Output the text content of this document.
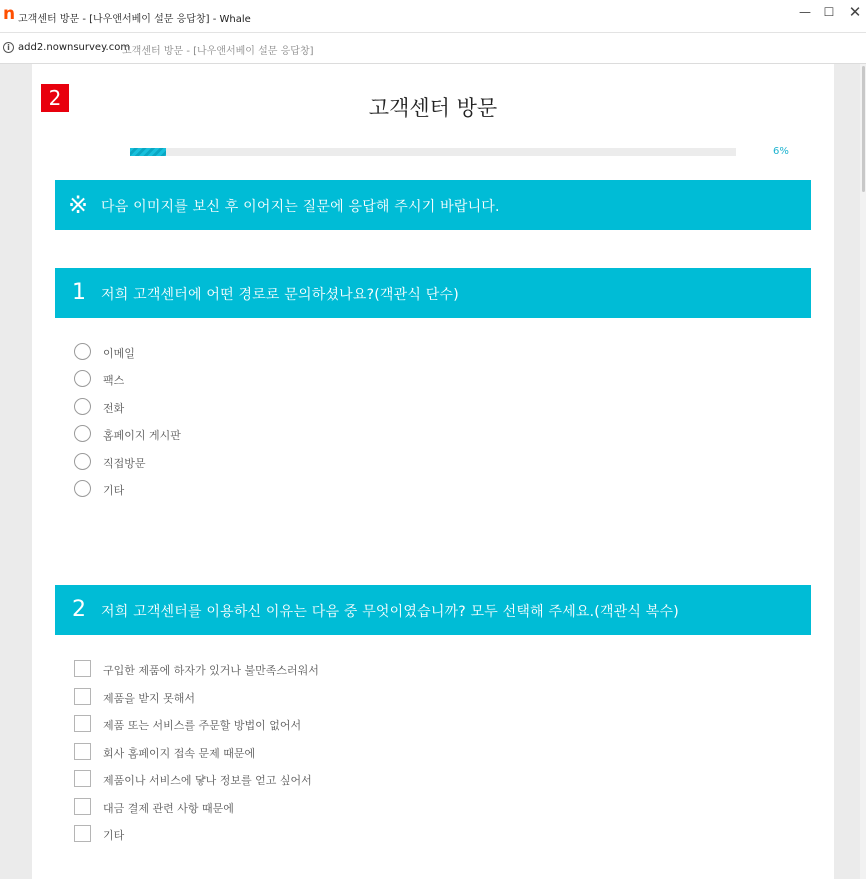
n 고객센터 방문 - [나우앤서베이 설문 응답창] - Whale
—	☐ ✕
i add2.nownsurvey.com
고객센터 방문 - [나우앤서베이 설문 응답창]
2	고객센터 방문
6%
※ 다음 이미지를 보신 후 이어지는 질문에 응답해 주시기 바랍니다.
1 저희 고객센터에 어떤 경로로 문의하셨나요?(객관식 단수)
이메일
팩스
전화
홈페이지 게시판
직접방문
기타
2 저희 고객센터를 이용하신 이유는 다음 중 무엇이였습니까? 모두 선택해 주세요.(객관식 복수)
구입한 제품에 하자가 있거나 불만족스러워서
제품을 받지 못해서
제품 또는 서비스를 주문할 방법이 없어서
회사 홈페이지 접속 문제 때문에
제품이나 서비스에 댷나 정보를 얻고 싶어서
대금 결제 관련 사항 때문에
기타
